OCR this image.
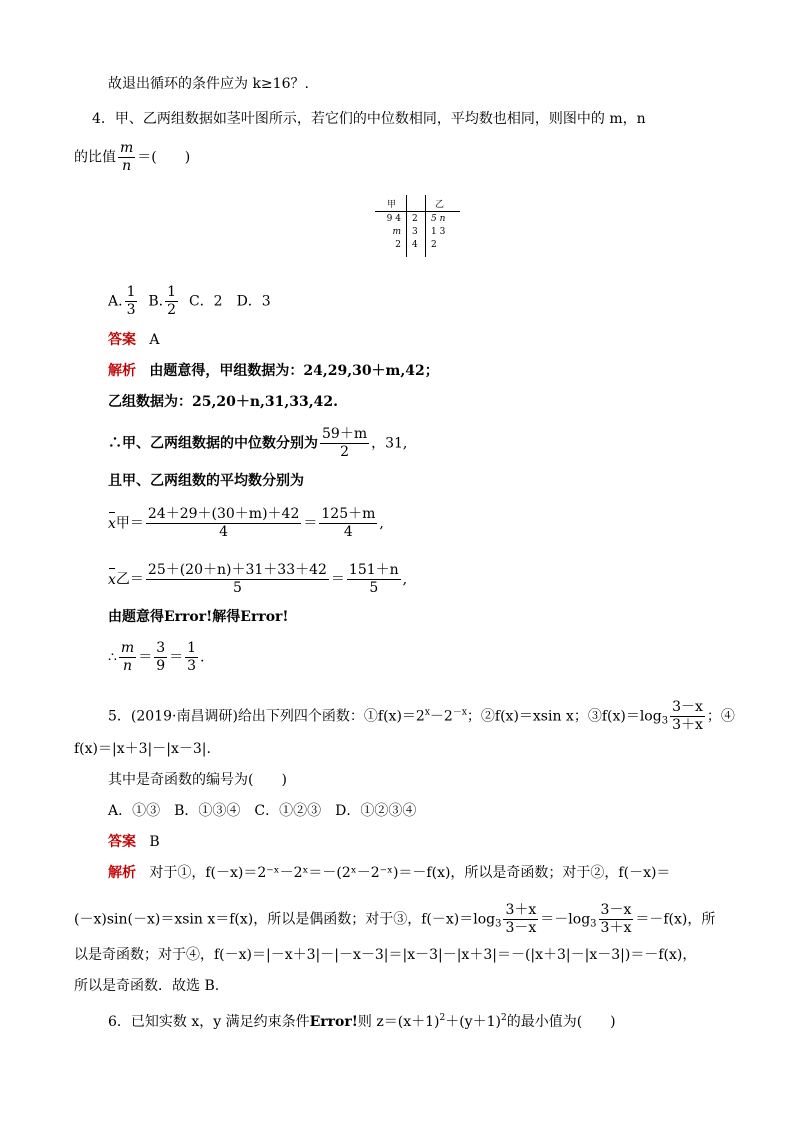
故退出循环的条件应为 k≥16？.
4．甲、乙两组数据如茎叶图所示，若它们的中位数相同，平均数也相同，则图中的 m，n
的比值 $\frac{m}{n}$ ＝(　　)
甲	乙
9 4 2 5 n
m 3 1 3
2 4 2
A. $\frac{1}{3} B$. $\frac{1}{2}$ C．2　D．3
答案 A
解析 由题意得，甲组数据为：24,29,30＋m,42；
乙组数据为：25,20＋n,31,33,42.
∴甲、乙两组数据的中位数分别为 $\frac{59+m}{2}$ ，31,
且甲、乙两组数的平均数分别为
x甲＝ $\frac{24+29+(30+m)+42}{4} = \frac{125+m}{4}$ ,
x乙＝ $\frac{25+(20+n)+31+33+42}{5} = \frac{151+n}{5}$ ,
由题意得Error!解得Error!
∴ $\frac{m}{n} = \frac{3}{9} = \frac{1}{3}$ .
5．(2019·南昌调研)给出下列四个函数：$①f(x)=2^x-2^{-x}$；②f(x)＝xsin x；$③f(x)=\log_3 \frac{3-x}{3+x}$ ；④
f(x)＝|x＋3|－|x－3|.
其中是奇函数的编号为(　　)
A．①③　B．①③④　C．①②③　D．①②③④
答案 B
解析 对于①，f(－x)＝2⁻ˣ－2ˣ＝－(2ˣ－2⁻ˣ)＝－f(x)，所以是奇函数；对于②，f(－x)＝
(－x)sin(－x)＝xsin x＝f(x)，所以是偶函数；对于③，$f(-x)=\log_3 \frac{3+x}{3-x} =-\log_3 \frac{3-x}{3+x} =-f(x)$，所
以是奇函数；对于④，f(－x)＝|－x＋3|－|－x－3|＝|x－3|－|x＋3|＝－(|x＋3|－|x－3|)＝－f(x)，
所以是奇函数．故选 B.
6．已知实数 x，y 满足约束条件Error!则 $z=(x+1)^2+(y+1)^2$的最小值为(　　)
